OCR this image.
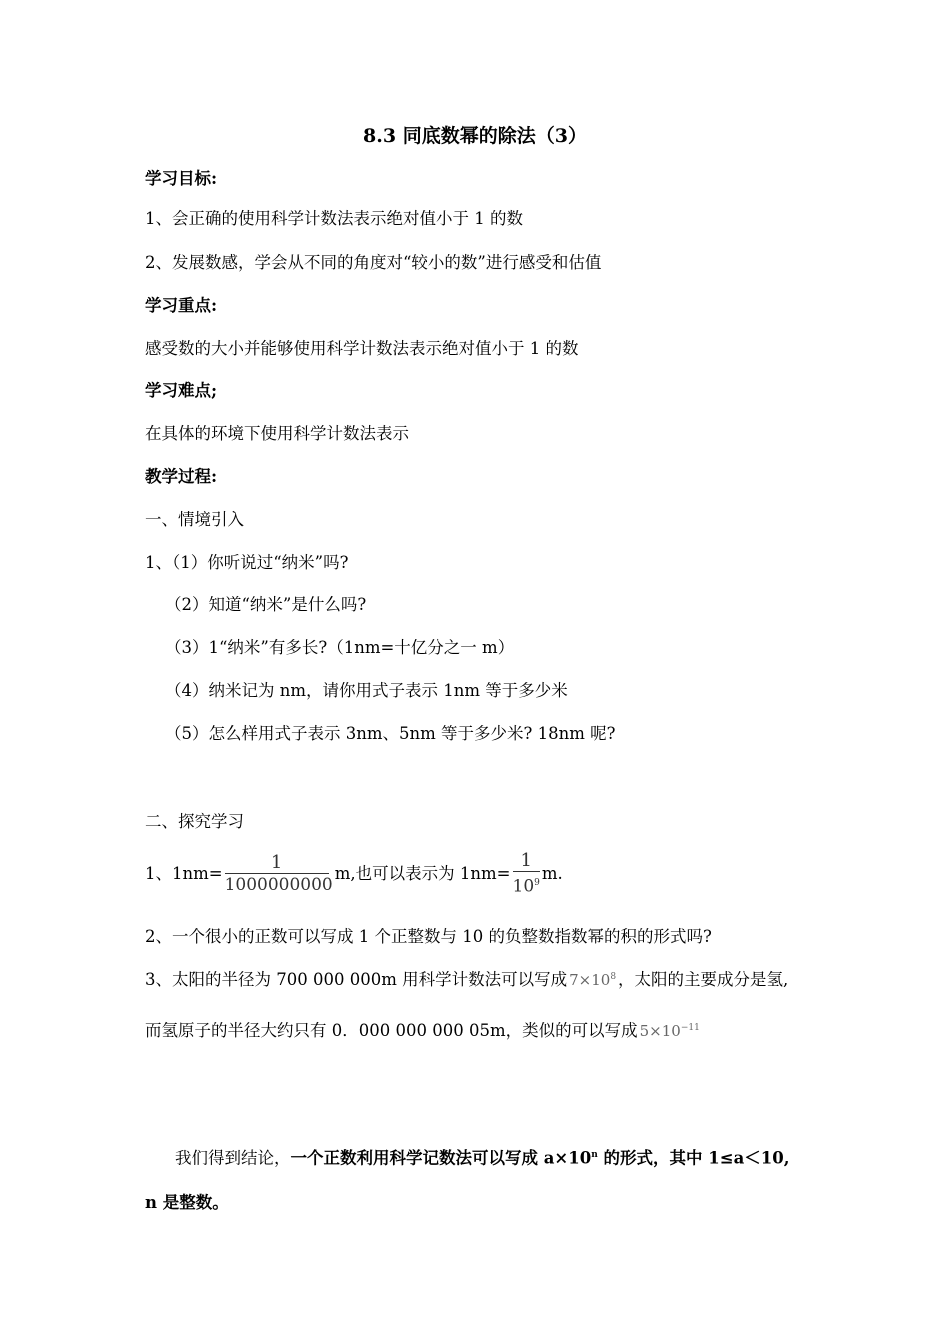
8.3 同底数幂的除法（3）
学习目标:
1、会正确的使用科学计数法表示绝对值小于 1 的数
2、发展数感，学会从不同的角度对“较小的数”进行感受和估值
学习重点:
感受数的大小并能够使用科学计数法表示绝对值小于 1 的数
学习难点;
在具体的环境下使用科学计数法表示
教学过程:
一、情境引入
1、（1）你听说过“纳米”吗?
（2）知道“纳米”是什么吗?
（3）1“纳米”有多长?（1nm=十亿分之一 m）
（4）纳米记为 nm，请你用式子表示 1nm 等于多少米
（5）怎么样用式子表示 3nm、5nm 等于多少米? 18nm 呢?
二、探究学习
1、$1nm= \frac{1}{1000000000} m$,也可以表示为 $1nm= \frac{1}{10^9} m$.
2、一个很小的正数可以写成 1 个正整数与 10 的负整数指数幂的积的形式吗?
3、太阳的半径为 700 000 000m 用科学计数法可以写成 $7\times 10^8$ ，太阳的主要成分是氢,
而氢原子的半径大约只有 0．000 000 000 05m，类似的可以写成 $5\times 10^{-11}$
我们得到结论，一个正数利用科学记数法可以写成 $a\times 10^n$ 的形式，其中 1≤a＜10,
n 是整数。
